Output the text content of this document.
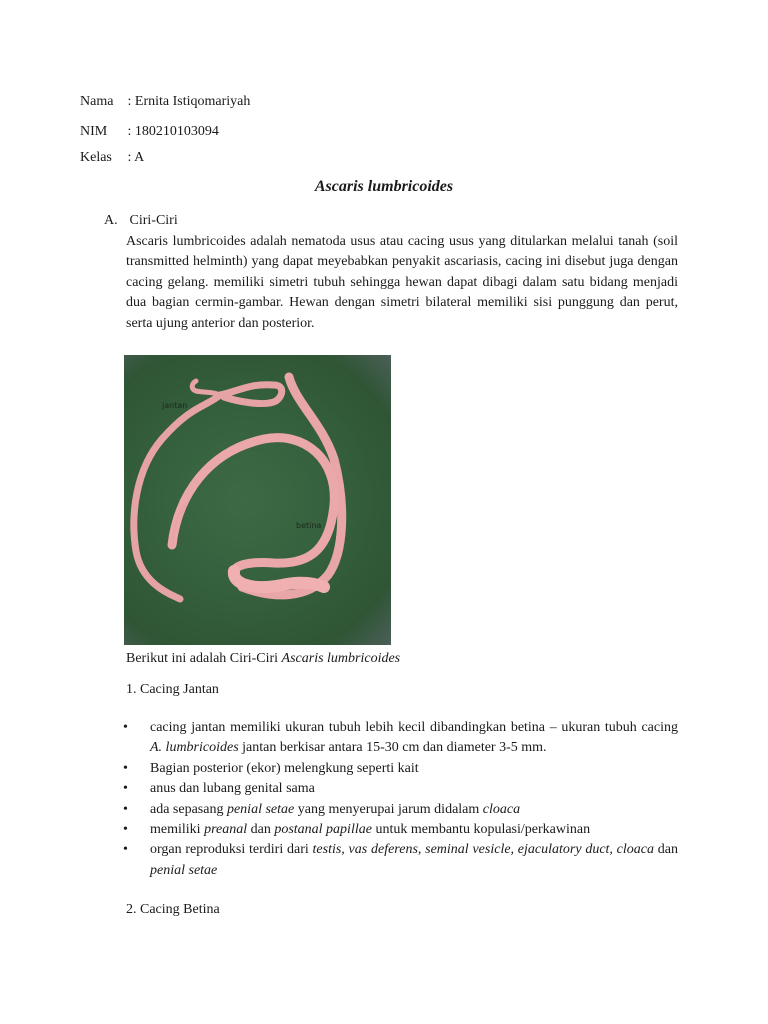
Nama : Ernita Istiqomariyah
NIM : 180210103094
Kelas : A
Ascaris lumbricoides
A. Ciri-Ciri
Ascaris lumbricoides adalah nematoda usus atau cacing usus yang ditularkan melalui tanah (soil transmitted helminth) yang dapat meyebabkan penyakit ascariasis, cacing ini disebut juga dengan cacing gelang. memiliki simetri tubuh sehingga hewan dapat dibagi dalam satu bidang menjadi dua bagian cermin-gambar. Hewan dengan simetri bilateral memiliki sisi punggung dan perut, serta ujung anterior dan posterior.
jantan
betina
Berikut ini adalah Ciri-Ciri Ascaris lumbricoides
1. Cacing Jantan
• cacing jantan memiliki ukuran tubuh lebih kecil dibandingkan betina – ukuran tubuh cacing A. lumbricoides jantan berkisar antara 15-30 cm dan diameter 3-5 mm.
• Bagian posterior (ekor) melengkung seperti kait
• anus dan lubang genital sama
• ada sepasang penial setae yang menyerupai jarum didalam cloaca
• memiliki preanal dan postanal papillae untuk membantu kopulasi/perkawinan
• organ reproduksi terdiri dari testis, vas deferens, seminal vesicle, ejaculatory duct, cloaca dan penial setae
2. Cacing Betina
